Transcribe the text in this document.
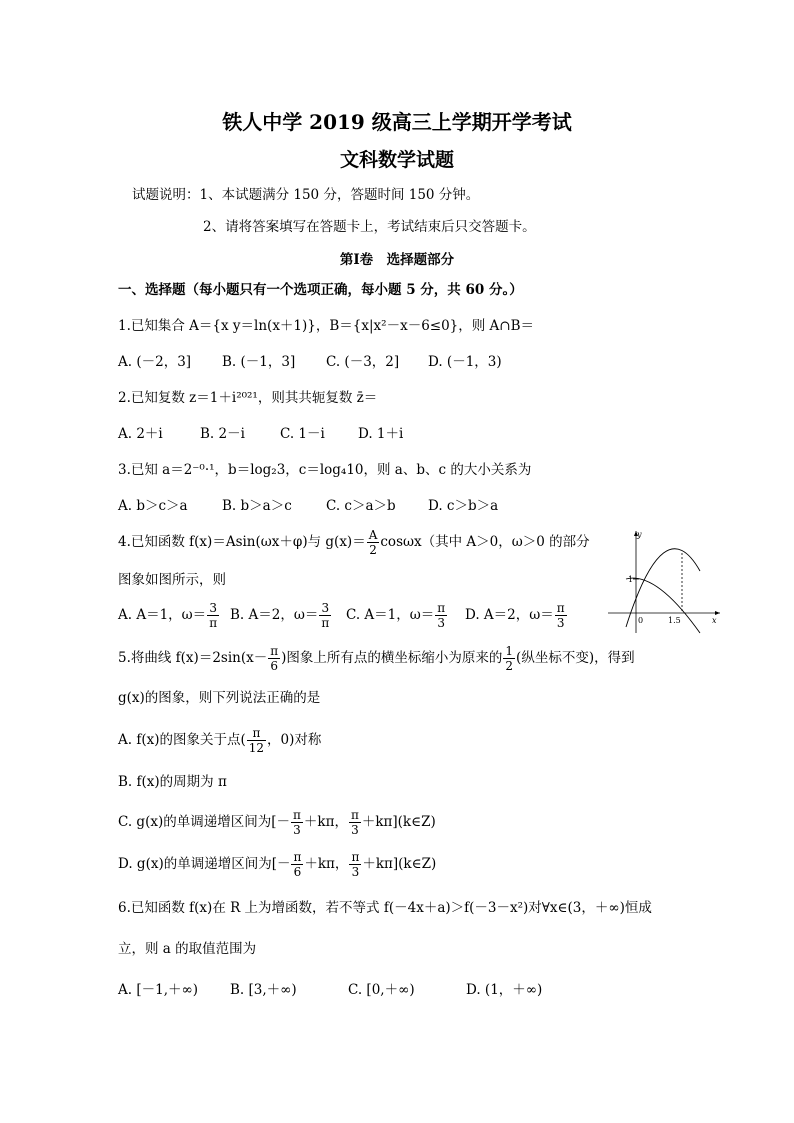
铁人中学 2019 级高三上学期开学考试
文科数学试题
试题说明：1、本试题满分 150 分，答题时间 150 分钟。
2、请将答案填写在答题卡上，考试结束后只交答题卡。
第Ⅰ卷　选择题部分
一、选择题（每小题只有一个选项正确，每小题 5 分，共 60 分。）
1.已知集合 A＝{x y＝ln(x＋1)}，B＝{x|x²－x－6≤0}，则 A∩B＝
A. (－2，3] B. (－1，3] C. (－3，2] D. (－1，3)
2.已知复数 z＝1＋i²⁰²¹，则其共轭复数 z̄＝
A. 2＋i	B. 2－i	C. 1－i D. 1＋i
3.已知 a＝2⁻⁰·¹，b＝log₂3，c＝log₄10，则 a、b、c 的大小关系为
A. b＞c＞a	B. b＞a＞c	C. c＞a＞b D. c＞b＞a
4.已知函数 f(x)＝Asin(ωx＋φ)与 $g(x)= \frac{A}{2} \cos\omega x$（其中 A＞0，ω＞0 的部分
图象如图所示，则
A. A＝1，$\omega= \frac{3}{\pi} B$. A＝2，$\omega= \frac{3}{\pi} C$. A＝1，$\omega= \frac{\pi}{3} D$. A＝2，$\omega= \frac{\pi}{3}$
y
x
0	1.5
1
5.将曲线 $f(x)=2\sin(x- \frac{\pi}{6}$ )图象上所有点的横坐标缩小为原来的 $\frac{1}{2}$ (纵坐标不变)，得到
g(x)的图象，则下列说法正确的是
A. f(x)的图象关于点( $\frac{\pi}{12}$ ，0)对称
B. f(x)的周期为 π
C. g(x)的单调递增区间为[－ $\frac{\pi}{3} +k\pi$， $\frac{\pi}{3}$ ＋kπ](k∈Z)
D. g(x)的单调递增区间为[－ $\frac{\pi}{6} +k\pi$， $\frac{\pi}{3}$ ＋kπ](k∈Z)
6.已知函数 f(x)在 R 上为增函数，若不等式 f(－4x＋a)＞f(－3－x²)对∀x∈(3，＋∞)恒成
立，则 a 的取值范围为
A. [－1,＋∞) B. [3,＋∞)	C. [0,＋∞)	D. (1，＋∞)
